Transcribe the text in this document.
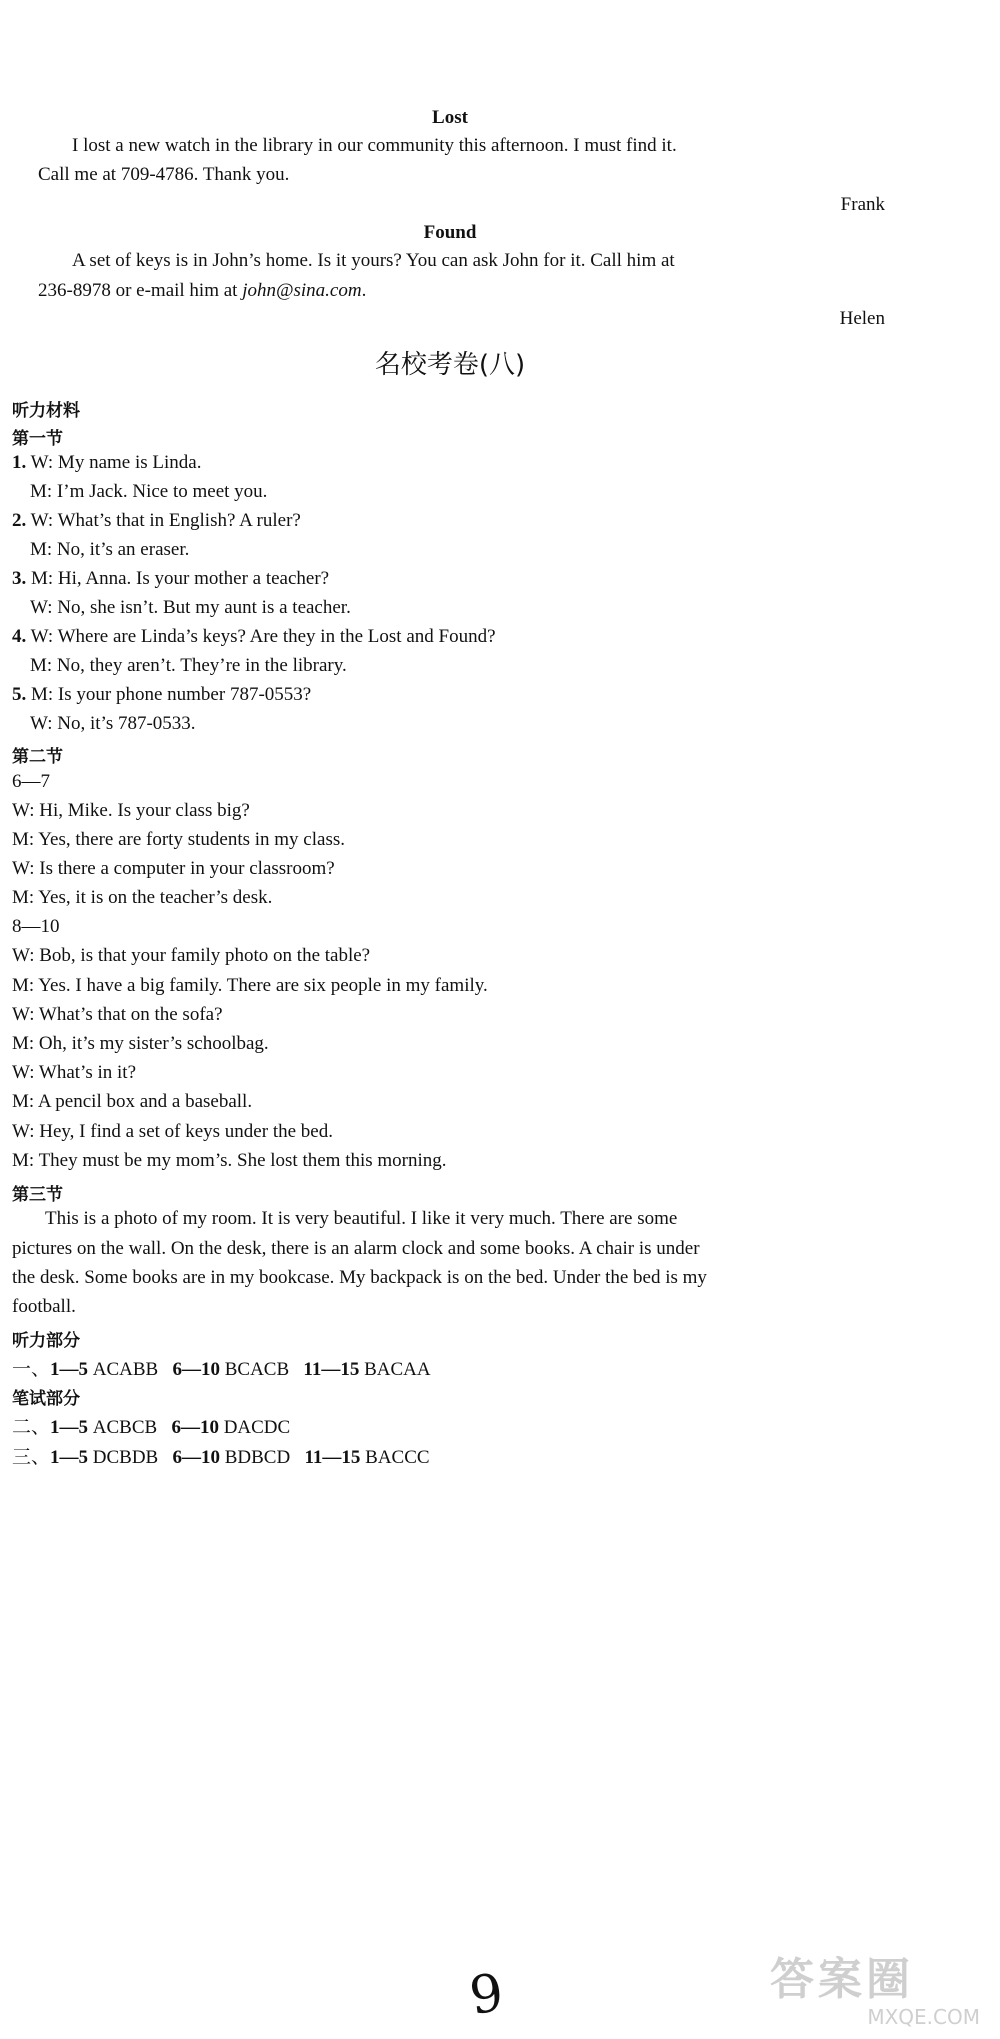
Lost
I lost a new watch in the library in our community this afternoon. I must find it.
Call me at 709-4786. Thank you.
Frank
Found
A set of keys is in John’s home. Is it yours? You can ask John for it. Call him at
236-8978 or e-mail him at john@sina.com.
Helen
名校考卷(八)
听力材料
第一节
1. W: My name is Linda.
M: I’m Jack. Nice to meet you.
2. W: What’s that in English? A ruler?
M: No, it’s an eraser.
3. M: Hi, Anna. Is your mother a teacher?
W: No, she isn’t. But my aunt is a teacher.
4. W: Where are Linda’s keys? Are they in the Lost and Found?
M: No, they aren’t. They’re in the library.
5. M: Is your phone number 787-0553?
W: No, it’s 787-0533.
第二节
6—7
W: Hi, Mike. Is your class big?
M: Yes, there are forty students in my class.
W: Is there a computer in your classroom?
M: Yes, it is on the teacher’s desk.
8—10
W: Bob, is that your family photo on the table?
M: Yes. I have a big family. There are six people in my family.
W: What’s that on the sofa?
M: Oh, it’s my sister’s schoolbag.
W: What’s in it?
M: A pencil box and a baseball.
W: Hey, I find a set of keys under the bed.
M: They must be my mom’s. She lost them this morning.
第三节
This is a photo of my room. It is very beautiful. I like it very much. There are some
pictures on the wall. On the desk, there is an alarm clock and some books. A chair is under
the desk. Some books are in my bookcase. My backpack is on the bed. Under the bed is my
football.
听力部分
一、1—5 ACABB 6—10 BCACB 11—15 BACAA
笔试部分
二、1—5 ACBCB 6—10 DACDC
三、1—5 DCBDB 6—10 BDBCD 11—15 BACCC
9	答案圈
MXQE.COM
